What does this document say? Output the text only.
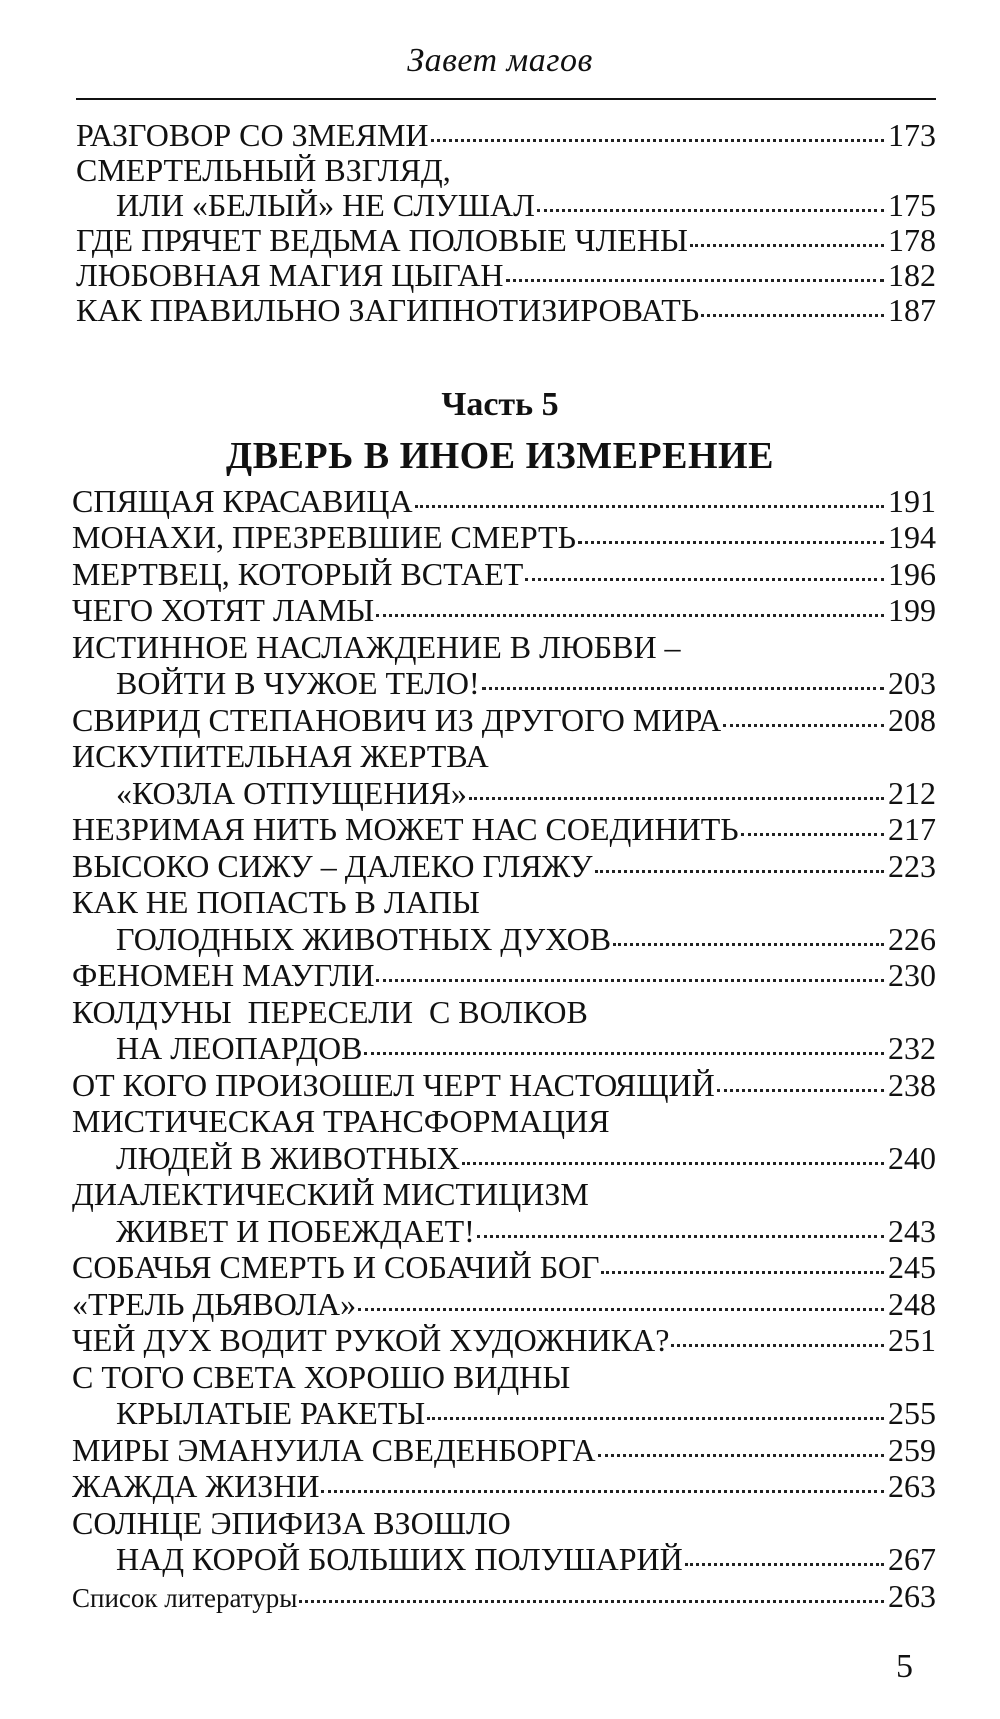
Завет магов
РАЗГОВОР СО ЗМЕЯМИ	173
СМЕРТЕЛЬНЫЙ ВЗГЛЯД,
ИЛИ «БЕЛЫЙ» НЕ СЛУШАЛ	175
ГДЕ ПРЯЧЕТ ВЕДЬМА ПОЛОВЫЕ ЧЛЕНЫ	178
ЛЮБОВНАЯ МАГИЯ ЦЫГАН	182
КАК ПРАВИЛЬНО ЗАГИПНОТИЗИРОВАТЬ	187
Часть 5
ДВЕРЬ В ИНОЕ ИЗМЕРЕНИЕ
СПЯЩАЯ КРАСАВИЦА	191
МОНАХИ, ПРЕЗРЕВШИЕ СМЕРТЬ	194
МЕРТВЕЦ, КОТОРЫЙ ВСТАЕТ	196
ЧЕГО ХОТЯТ ЛАМЫ	199
ИСТИННОЕ НАСЛАЖДЕНИЕ В ЛЮБВИ –
ВОЙТИ В ЧУЖОЕ ТЕЛО!	203
СВИРИД СТЕПАНОВИЧ ИЗ ДРУГОГО МИРА	208
ИСКУПИТЕЛЬНАЯ ЖЕРТВА
«КОЗЛА ОТПУЩЕНИЯ»	212
НЕЗРИМАЯ НИТЬ МОЖЕТ НАС СОЕДИНИТЬ	217
ВЫСОКО СИЖУ – ДАЛЕКО ГЛЯЖУ	223
КАК НЕ ПОПАСТЬ В ЛАПЫ
ГОЛОДНЫХ ЖИВОТНЫХ ДУХОВ	226
ФЕНОМЕН МАУГЛИ	230
КОЛДУНЫ  ПЕРЕСЕЛИ  С ВОЛКОВ
НА ЛЕОПАРДОВ	232
ОТ КОГО ПРОИЗОШЕЛ ЧЕРТ НАСТОЯЩИЙ	238
МИСТИЧЕСКАЯ ТРАНСФОРМАЦИЯ
ЛЮДЕЙ В ЖИВОТНЫХ	240
ДИАЛЕКТИЧЕСКИЙ МИСТИЦИЗМ
ЖИВЕТ И ПОБЕЖДАЕТ!	243
СОБАЧЬЯ СМЕРТЬ И СОБАЧИЙ БОГ	245
«ТРЕЛЬ ДЬЯВОЛА»	248
ЧЕЙ ДУХ ВОДИТ РУКОЙ ХУДОЖНИКА?	251
С ТОГО СВЕТА ХОРОШО ВИДНЫ
КРЫЛАТЫЕ РАКЕТЫ	255
МИРЫ ЭМАНУИЛА СВЕДЕНБОРГА	259
ЖАЖДА ЖИЗНИ	263
СОЛНЦЕ ЭПИФИЗА ВЗОШЛО
НАД КОРОЙ БОЛЬШИХ ПОЛУШАРИЙ	267
Список литературы	263
5
